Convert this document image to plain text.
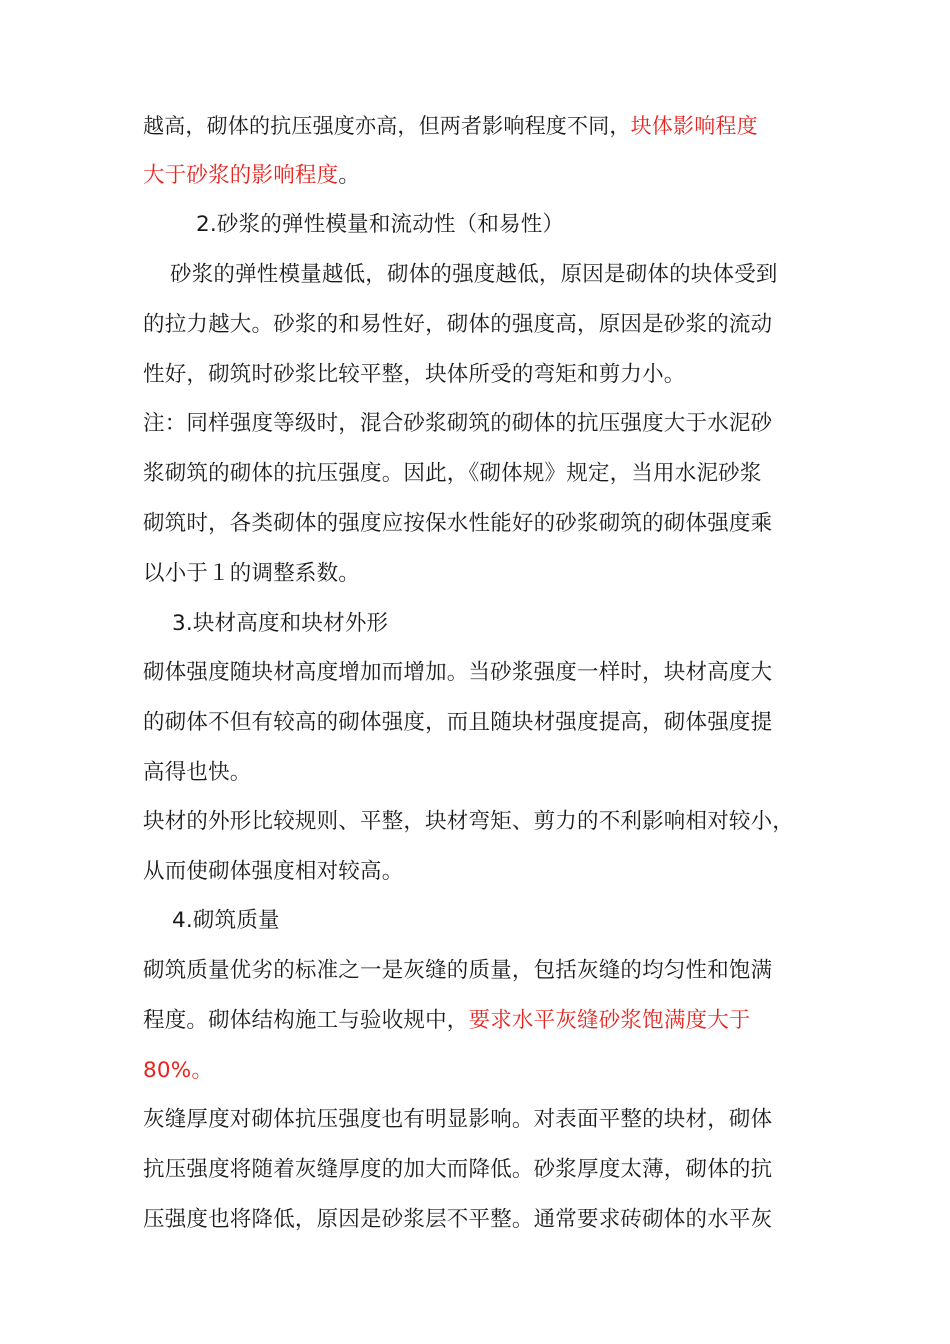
越高，砌体的抗压强度亦高，但两者影响程度不同，块体影响程度
大于砂浆的影响程度。
2.砂浆的弹性模量和流动性（和易性）
砂浆的弹性模量越低，砌体的强度越低，原因是砌体的块体受到
的拉力越大。砂浆的和易性好，砌体的强度高，原因是砂浆的流动
性好，砌筑时砂浆比较平整，块体所受的弯矩和剪力小。
注：同样强度等级时，混合砂浆砌筑的砌体的抗压强度大于水泥砂
浆砌筑的砌体的抗压强度。因此，《砌体规》规定，当用水泥砂浆
砌筑时，各类砌体的强度应按保水性能好的砂浆砌筑的砌体强度乘
以小于１的调整系数。
3.块材高度和块材外形
砌体强度随块材高度增加而增加。当砂浆强度一样时，块材高度大
的砌体不但有较高的砌体强度，而且随块材强度提高，砌体强度提
高得也快。
块材的外形比较规则、平整，块材弯矩、剪力的不利影响相对较小，
从而使砌体强度相对较高。
4.砌筑质量
砌筑质量优劣的标准之一是灰缝的质量，包括灰缝的均匀性和饱满
程度。砌体结构施工与验收规中，要求水平灰缝砂浆饱满度大于
80%。
灰缝厚度对砌体抗压强度也有明显影响。对表面平整的块材，砌体
抗压强度将随着灰缝厚度的加大而降低。砂浆厚度太薄，砌体的抗
压强度也将降低，原因是砂浆层不平整。通常要求砖砌体的水平灰
